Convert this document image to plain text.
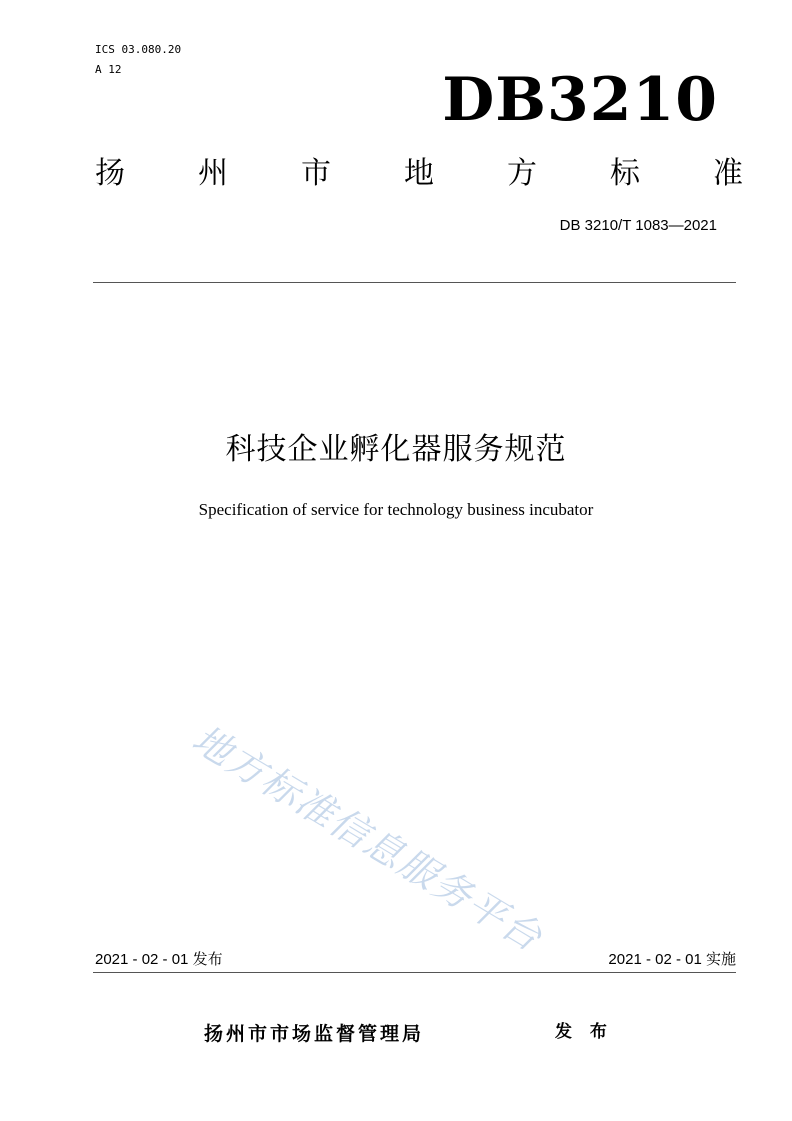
ICS 03.080.20
A 12	DB3210
扬 州 市 地 方 标 准
DB 3210/T 1083—2021
科技企业孵化器服务规范
Specification of service for technology business incubator
地方标准信息服务平台
2021 - 02 - 01 发布	2021 - 02 - 01 实施
扬州市市场监督管理局	发 布
